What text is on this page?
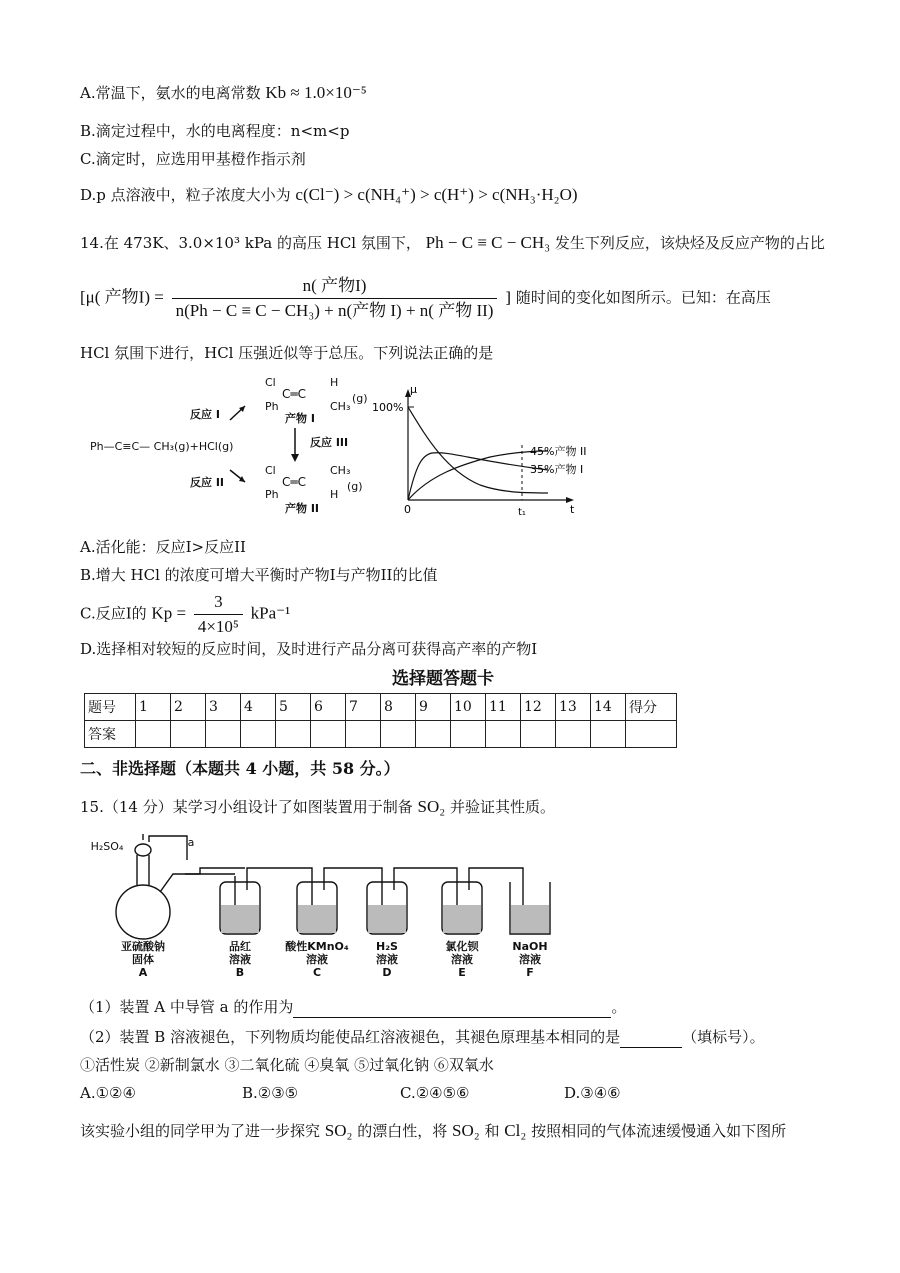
A.常温下，氨水的电离常数 Kb ≈ 1.0×10⁻⁵
B.滴定过程中，水的电离程度：n<m<p
C.滴定时，应选用甲基橙作指示剂
D.p 点溶液中，粒子浓度大小为 c(Cl⁻) > c(NH₄⁺) > c(H⁺) > c(NH₃·H₂O)
14.在 473K、3.0×10³ kPa 的高压 HCl 氛围下， Ph − C ≡ C − CH₃ 发生下列反应，该炔烃及反应产物的占比
[μ( 产物$I) = \frac{\text{n( 产物I)}}{\text{n(Ph − C ≡ C − CH₃) + n(产物 I) + n( 产物 II)}}$ ] 随时间的变化如图所示。已知：在高压
HCl 氛围下进行，HCl 压强近似等于总压。下列说法正确的是
Cl
Ph
H
CH₃
(g)
C═C
产物 I
反应 I
反应 III
Ph—C≡C— CH₃(g)+HCl(g)
反应 II
Cl
Ph
CH₃
H
(g)
C═C
产物 II
μ
100%
0	t
t₁
45%产物 II
35%产物 I
A.活化能：反应I>反应II
B.增大 HCl 的浓度可增大平衡时产物I与产物II的比值
C.反应I的 $Kp = \frac{3}{\text{4×10⁵}} kPa^{-1}$
D.选择相对较短的反应时间，及时进行产品分离可获得高产率的产物I
选择题答题卡
题号	1	2	3	4	5	6	7	8	9	10	11	12	13	14	得分
答案															
二、非选择题（本题共 4 小题，共 58 分。）
15.（14 分）某学习小组设计了如图装置用于制备 SO₂ 并验证其性质。
H₂SO₄	a
亚硫酸钠
固体
A
品红
溶液
B
酸性KMnO₄
溶液
C
H₂S
溶液
D
氯化钡
溶液
E
NaOH
溶液
F
（1）装置 A 中导管 a 的作用为	。
（2）装置 B 溶液褪色，下列物质均能使品红溶液褪色，其褪色原理基本相同的是	（填标号）。
①活性炭 ②新制氯水 ③二氧化硫 ④臭氧 ⑤过氧化钠 ⑥双氧水
A.①②④	B.②③⑤	C.②④⑤⑥	D.③④⑥
该实验小组的同学甲为了进一步探究 SO₂ 的漂白性，将 SO₂ 和 Cl₂ 按照相同的气体流速缓慢通入如下图所
